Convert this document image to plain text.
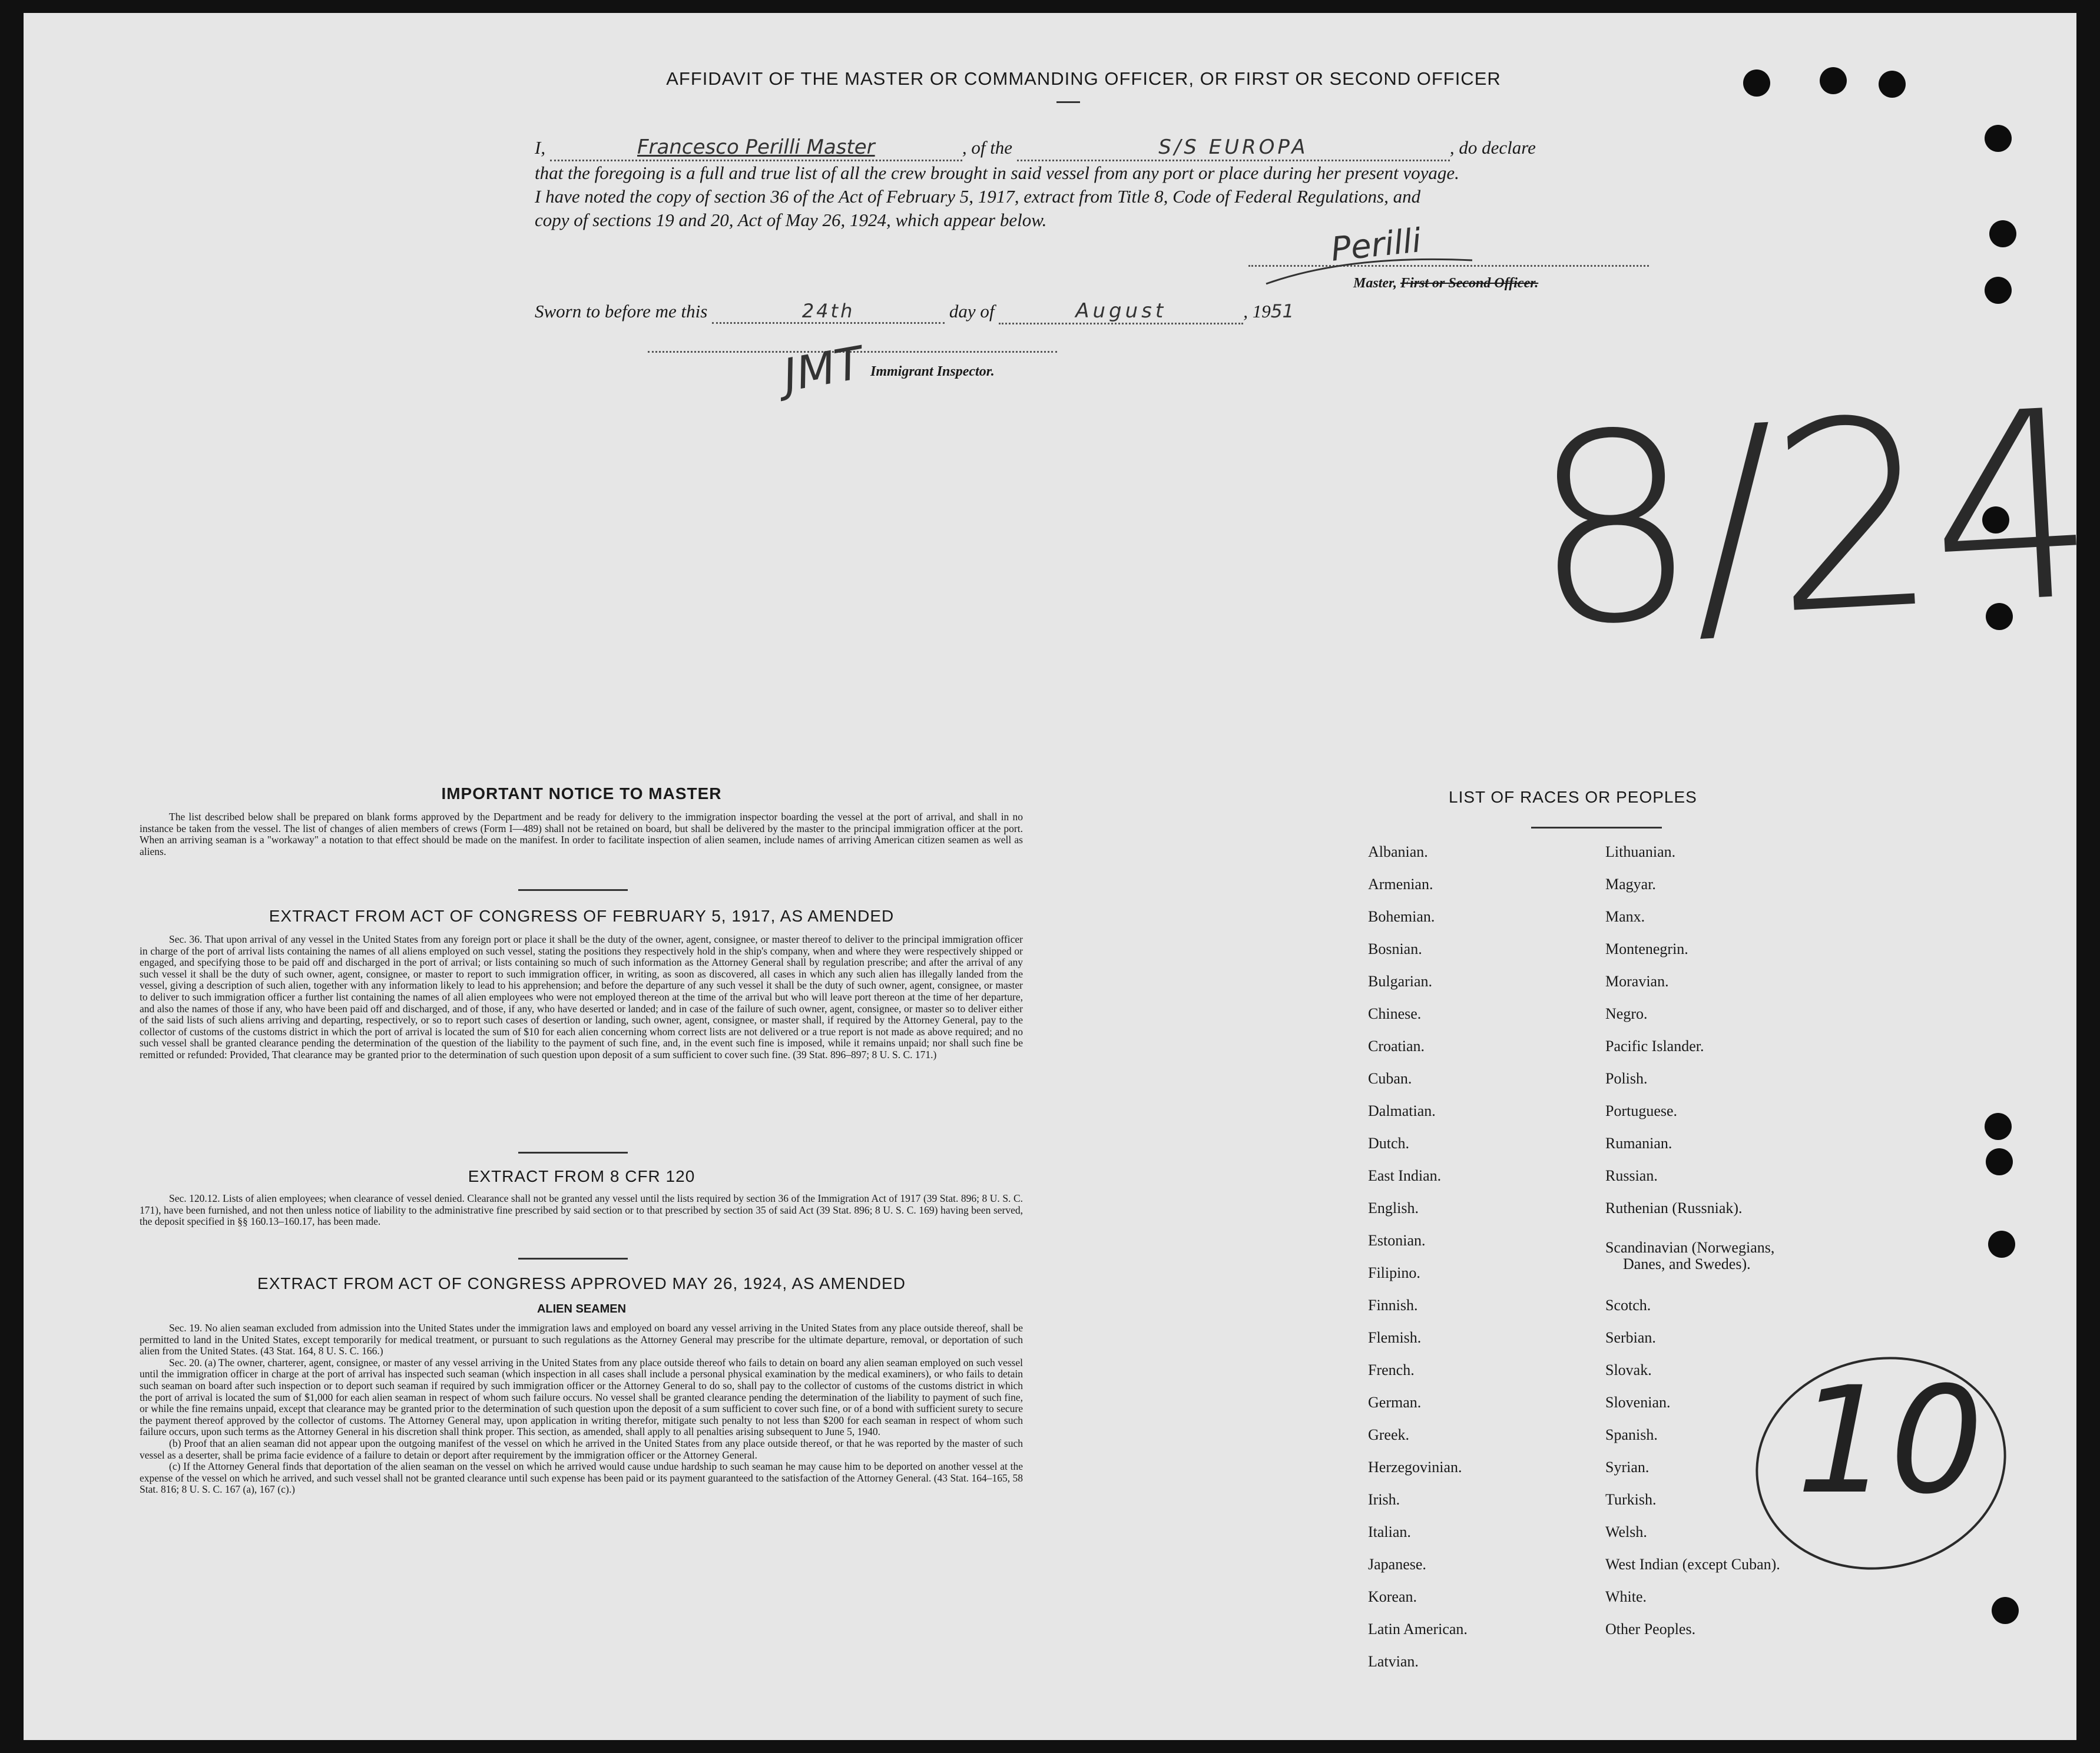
AFFIDAVIT OF THE MASTER OR COMMANDING OFFICER, OR FIRST OR SECOND OFFICER
I,	Francesco Perilli Master	, of the	S/S EUROPA	, do declare
that the foregoing is a full and true list of all the crew brought in said vessel from any port or place during her present voyage.
I have noted the copy of section 36 of the Act of February 5, 1917, extract from Title 8, Code of Federal Regulations, and
copy of sections 19 and 20, Act of May 26, 1924, which appear below.
Perilli
Master, First or Second Officer.
Sworn to before me this	24th	day of	August	, 1951
JMT Immigrant Inspector. 8/24
10
IMPORTANT NOTICE TO MASTER
The list described below shall be prepared on blank forms approved by the Department and be ready for delivery to the immigration inspector boarding the vessel at the port of arrival, and shall in no instance be taken from the vessel. The list of changes of alien members of crews (Form I—489) shall not be retained on board, but shall be delivered by the master to the principal immigration officer at the port. When an arriving seaman is a "workaway" a notation to that effect should be made on the manifest. In order to facilitate inspection of alien seamen, include names of arriving American citizen seamen as well as aliens.
EXTRACT FROM ACT OF CONGRESS OF FEBRUARY 5, 1917, AS AMENDED
Sec. 36. That upon arrival of any vessel in the United States from any foreign port or place it shall be the duty of the owner, agent, consignee, or master thereof to deliver to the principal immigration officer in charge of the port of arrival lists containing the names of all aliens employed on such vessel, stating the positions they respectively hold in the ship's company, when and where they were respectively shipped or engaged, and specifying those to be paid off and discharged in the port of arrival; or lists containing so much of such information as the Attorney General shall by regulation prescribe; and after the arrival of any such vessel it shall be the duty of such owner, agent, consignee, or master to report to such immigration officer, in writing, as soon as discovered, all cases in which any such alien has illegally landed from the vessel, giving a description of such alien, together with any information likely to lead to his apprehension; and before the departure of any such vessel it shall be the duty of such owner, agent, consignee, or master to deliver to such immigration officer a further list containing the names of all alien employees who were not employed thereon at the time of the arrival but who will leave port thereon at the time of her departure, and also the names of those if any, who have been paid off and discharged, and of those, if any, who have deserted or landed; and in case of the failure of such owner, agent, consignee, or master so to deliver either of the said lists of such aliens arriving and departing, respectively, or so to report such cases of desertion or landing, such owner, agent, consignee, or master shall, if required by the Attorney General, pay to the collector of customs of the customs district in which the port of arrival is located the sum of $10 for each alien concerning whom correct lists are not delivered or a true report is not made as above required; and no such vessel shall be granted clearance pending the determination of the question of the liability to the payment of such fine, and, in the event such fine is imposed, while it remains unpaid; nor shall such fine be remitted or refunded: Provided, That clearance may be granted prior to the determination of such question upon deposit of a sum sufficient to cover such fine. (39 Stat. 896–897; 8 U. S. C. 171.)
EXTRACT FROM 8 CFR 120
Sec. 120.12. Lists of alien employees; when clearance of vessel denied. Clearance shall not be granted any vessel until the lists required by section 36 of the Immigration Act of 1917 (39 Stat. 896; 8 U. S. C. 171), have been furnished, and not then unless notice of liability to the administrative fine prescribed by said section or to that prescribed by section 35 of said Act (39 Stat. 896; 8 U. S. C. 169) having been served, the deposit specified in §§ 160.13–160.17, has been made.
EXTRACT FROM ACT OF CONGRESS APPROVED MAY 26, 1924, AS AMENDED
ALIEN SEAMEN
Sec. 19. No alien seaman excluded from admission into the United States under the immigration laws and employed on board any vessel arriving in the United States from any place outside thereof, shall be permitted to land in the United States, except temporarily for medical treatment, or pursuant to such regulations as the Attorney General may prescribe for the ultimate departure, removal, or deportation of such alien from the United States. (43 Stat. 164, 8 U. S. C. 166.)
Sec. 20. (a) The owner, charterer, agent, consignee, or master of any vessel arriving in the United States from any place outside thereof who fails to detain on board any alien seaman employed on such vessel until the immigration officer in charge at the port of arrival has inspected such seaman (which inspection in all cases shall include a personal physical examination by the medical examiners), or who fails to detain such seaman on board after such inspection or to deport such seaman if required by such immigration officer or the Attorney General to do so, shall pay to the collector of customs of the customs district in which the port of arrival is located the sum of $1,000 for each alien seaman in respect of whom such failure occurs. No vessel shall be granted clearance pending the determination of the liability to payment of such fine, or while the fine remains unpaid, except that clearance may be granted prior to the determination of such question upon the deposit of a sum sufficient to cover such fine, or of a bond with sufficient surety to secure the payment thereof approved by the collector of customs. The Attorney General may, upon application in writing therefor, mitigate such penalty to not less than $200 for each seaman in respect of whom such failure occurs, upon such terms as the Attorney General in his discretion shall think proper. This section, as amended, shall apply to all penalties arising subsequent to June 5, 1940.
(b) Proof that an alien seaman did not appear upon the outgoing manifest of the vessel on which he arrived in the United States from any place outside thereof, or that he was reported by the master of such vessel as a deserter, shall be prima facie evidence of a failure to detain or deport after requirement by the immigration officer or the Attorney General.
(c) If the Attorney General finds that deportation of the alien seaman on the vessel on which he arrived would cause undue hardship to such seaman he may cause him to be deported on another vessel at the expense of the vessel on which he arrived, and such vessel shall not be granted clearance until such expense has been paid or its payment guaranteed to the satisfaction of the Attorney General. (43 Stat. 164–165, 58 Stat. 816; 8 U. S. C. 167 (a), 167 (c).)
LIST OF RACES OR PEOPLES
Albanian.
Armenian.
Bohemian.
Bosnian.
Bulgarian.
Chinese.
Croatian.
Cuban.
Dalmatian.
Dutch.
East Indian.
English.
Estonian.
Filipino.
Finnish.
Flemish.
French.
German.
Greek.
Herzegovinian.
Irish.
Italian.
Japanese.
Korean.
Latin American.
Latvian.
Lithuanian.
Magyar.
Manx.
Montenegrin.
Moravian.
Negro.
Pacific Islander.
Polish.
Portuguese.
Rumanian.
Russian.
Ruthenian (Russniak).
Scandinavian (Norwegians,
Danes, and Swedes).
Scotch.
Serbian.
Slovak.
Slovenian.
Spanish.
Syrian.
Turkish.
Welsh.
West Indian (except Cuban).
White.
Other Peoples.
